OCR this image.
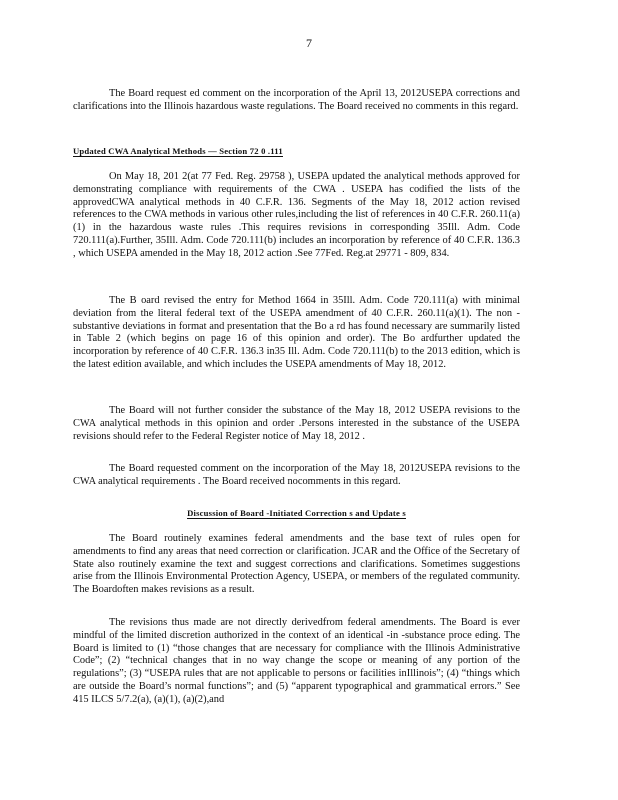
7

The Board request ed comment on the incorporation of the April 13, 2012USEPA corrections and clarifications into the Illinois hazardous waste regulations. The Board received no comments in this regard.

Updated CWA Analytical Methods — Section 72 0 .111

On May 18, 201 2(at 77 Fed. Reg. 29758 ), USEPA updated the analytical methods approved for demonstrating compliance with requirements of the CWA . USEPA has codified the lists of the approvedCWA analytical methods in 40 C.F.R. 136. Segments of the May 18, 2012 action revised references to the CWA methods in various other rules,including the list of references in 40 C.F.R. 260.11(a)(1) in the hazardous waste rules .This requires revisions in corresponding 35Ill. Adm. Code 720.111(a).Further, 35Ill. Adm. Code 720.111(b) includes an incorporation by reference of 40 C.F.R. 136.3 , which USEPA amended in the May 18, 2012 action .See 77Fed. Reg.at 29771 - 809, 834.

The B oard revised the entry for Method 1664 in 35Ill. Adm. Code 720.111(a) with minimal deviation from the literal federal text of the USEPA amendment of 40 C.F.R. 260.11(a)(1). The non -substantive deviations in format and presentation that the Bo a rd has found necessary are summarily listed in Table 2 (which begins on page 16 of this opinion and order). The Bo ardfurther updated the incorporation by reference of 40 C.F.R. 136.3 in35 Ill. Adm. Code 720.111(b) to the 2013 edition, which is the latest edition available, and which includes the USEPA amendments of May 18, 2012.

The Board will not further consider the substance of the May 18, 2012 USEPA revisions to the CWA analytical methods in this opinion and order .Persons interested in the substance of the USEPA revisions should refer to the Federal Register notice of May 18, 2012 .

The Board requested comment on the incorporation of the May 18, 2012USEPA revisions to the CWA analytical requirements . The Board received nocomments in this regard.

Discussion of Board -Initiated Correction s and Update s

The Board routinely examines federal amendments and the base text of rules open for amendments to find any areas that need correction or clarification. JCAR and the Office of the Secretary of State also routinely examine the text and suggest corrections and clarifications. Sometimes suggestions arise from the Illinois Environmental Protection Agency, USEPA, or members of the regulated community. The Boardoften makes revisions as a result.

The revisions thus made are not directly derivedfrom federal amendments. The Board is ever mindful of the limited discretion authorized in the context of an identical -in -substance proce eding. The Board is limited to (1) “those changes that are necessary for compliance with the Illinois Administrative Code”; (2) “technical changes that in no way change the scope or meaning of any portion of the regulations”; (3) “USEPA rules that are not applicable to persons or facilities inIllinois”; (4) “things which are outside the Board’s normal functions”; and (5) “apparent typographical and grammatical errors.” See 415 ILCS 5/7.2(a), (a)(1), (a)(2),and
